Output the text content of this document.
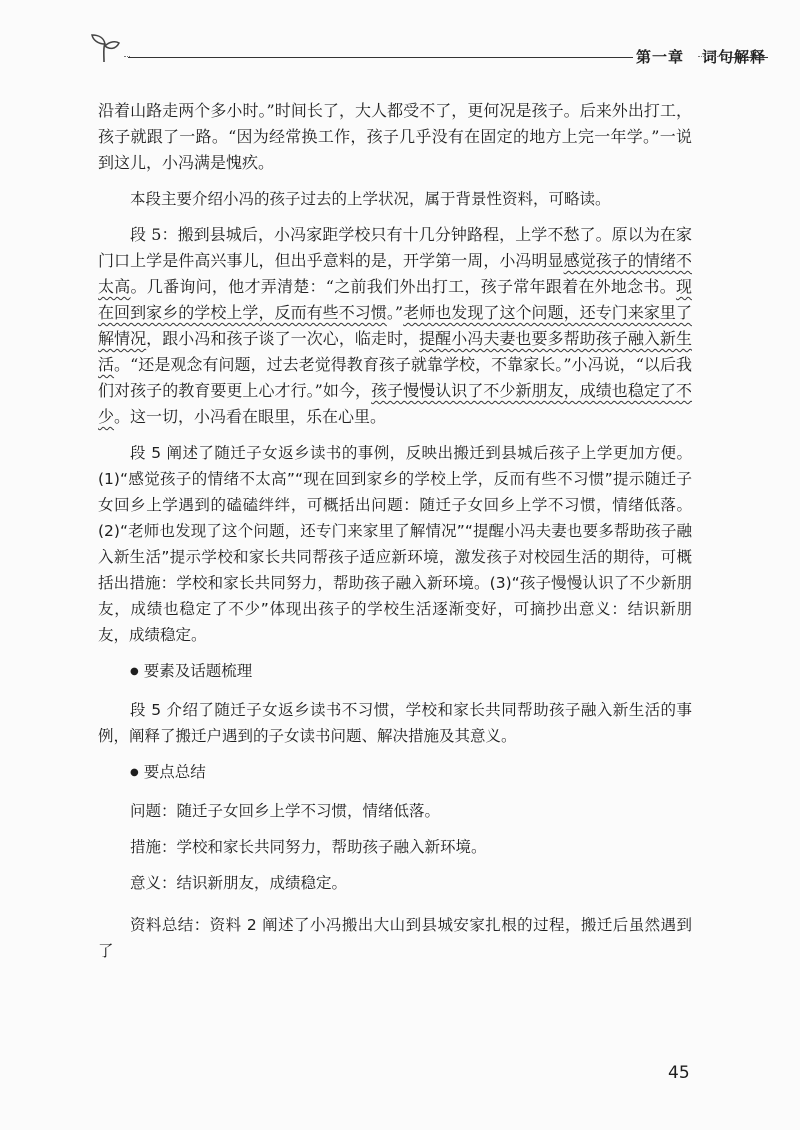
第一章 词句解释

沿着山路走两个多小时。”时间长了，大人都受不了，更何况是孩子。后来外出打工，孩子就跟了一路。“因为经常换工作，孩子几乎没有在固定的地方上完一年学。”一说到这儿，小冯满是愧疚。

本段主要介绍小冯的孩子过去的上学状况，属于背景性资料，可略读。

段 5：搬到县城后，小冯家距学校只有十几分钟路程，上学不愁了。原以为在家门口上学是件高兴事儿，但出乎意料的是，开学第一周，小冯明显感觉孩子的情绪不太高。几番询问，他才弄清楚：“之前我们外出打工，孩子常年跟着在外地念书。现在回到家乡的学校上学，反而有些不习惯。”老师也发现了这个问题，还专门来家里了解情况，跟小冯和孩子谈了一次心，临走时，提醒小冯夫妻也要多帮助孩子融入新生活。“还是观念有问题，过去老觉得教育孩子就靠学校，不靠家长。”小冯说，“以后我们对孩子的教育要更上心才行。”如今，孩子慢慢认识了不少新朋友，成绩也稳定了不少。这一切，小冯看在眼里，乐在心里。

段 5 阐述了随迁子女返乡读书的事例，反映出搬迁到县城后孩子上学更加方便。(1)“感觉孩子的情绪不太高”“现在回到家乡的学校上学，反而有些不习惯”提示随迁子女回乡上学遇到的磕磕绊绊，可概括出问题：随迁子女回乡上学不习惯，情绪低落。(2)“老师也发现了这个问题，还专门来家里了解情况”“提醒小冯夫妻也要多帮助孩子融入新生活”提示学校和家长共同帮孩子适应新环境，激发孩子对校园生活的期待，可概括出措施：学校和家长共同努力，帮助孩子融入新环境。(3)“孩子慢慢认识了不少新朋友，成绩也稳定了不少”体现出孩子的学校生活逐渐变好，可摘抄出意义：结识新朋友，成绩稳定。

● 要素及话题梳理

段 5 介绍了随迁子女返乡读书不习惯，学校和家长共同帮助孩子融入新生活的事例，阐释了搬迁户遇到的子女读书问题、解决措施及其意义。

● 要点总结

问题：随迁子女回乡上学不习惯，情绪低落。

措施：学校和家长共同努力，帮助孩子融入新环境。

意义：结识新朋友，成绩稳定。

资料总结：资料 2 阐述了小冯搬出大山到县城安家扎根的过程，搬迁后虽然遇到了

45
